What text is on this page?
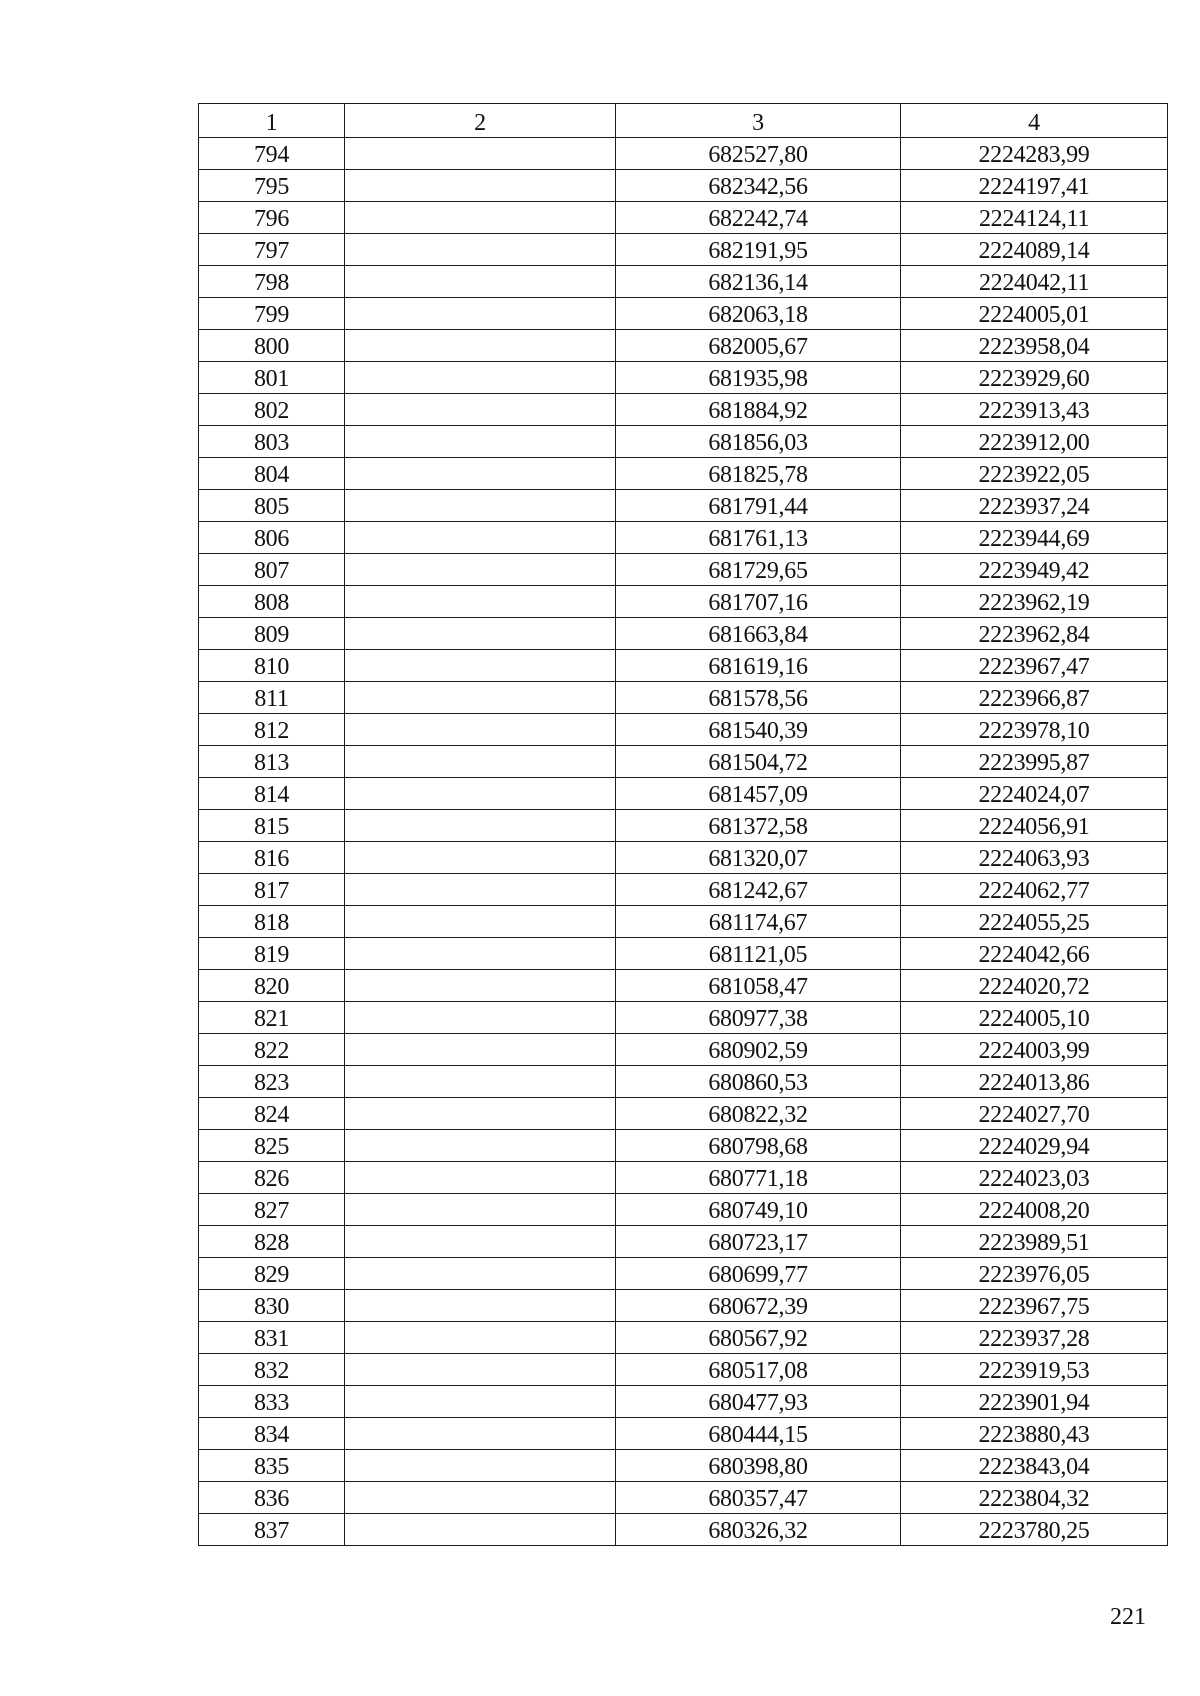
1	2	3	4
794		682527,80	2224283,99
795		682342,56	2224197,41
796		682242,74	2224124,11
797		682191,95	2224089,14
798		682136,14	2224042,11
799		682063,18	2224005,01
800		682005,67	2223958,04
801		681935,98	2223929,60
802		681884,92	2223913,43
803		681856,03	2223912,00
804		681825,78	2223922,05
805		681791,44	2223937,24
806		681761,13	2223944,69
807		681729,65	2223949,42
808		681707,16	2223962,19
809		681663,84	2223962,84
810		681619,16	2223967,47
811		681578,56	2223966,87
812		681540,39	2223978,10
813		681504,72	2223995,87
814		681457,09	2224024,07
815		681372,58	2224056,91
816		681320,07	2224063,93
817		681242,67	2224062,77
818		681174,67	2224055,25
819		681121,05	2224042,66
820		681058,47	2224020,72
821		680977,38	2224005,10
822		680902,59	2224003,99
823		680860,53	2224013,86
824		680822,32	2224027,70
825		680798,68	2224029,94
826		680771,18	2224023,03
827		680749,10	2224008,20
828		680723,17	2223989,51
829		680699,77	2223976,05
830		680672,39	2223967,75
831		680567,92	2223937,28
832		680517,08	2223919,53
833		680477,93	2223901,94
834		680444,15	2223880,43
835		680398,80	2223843,04
836		680357,47	2223804,32
837		680326,32	2223780,25
221
